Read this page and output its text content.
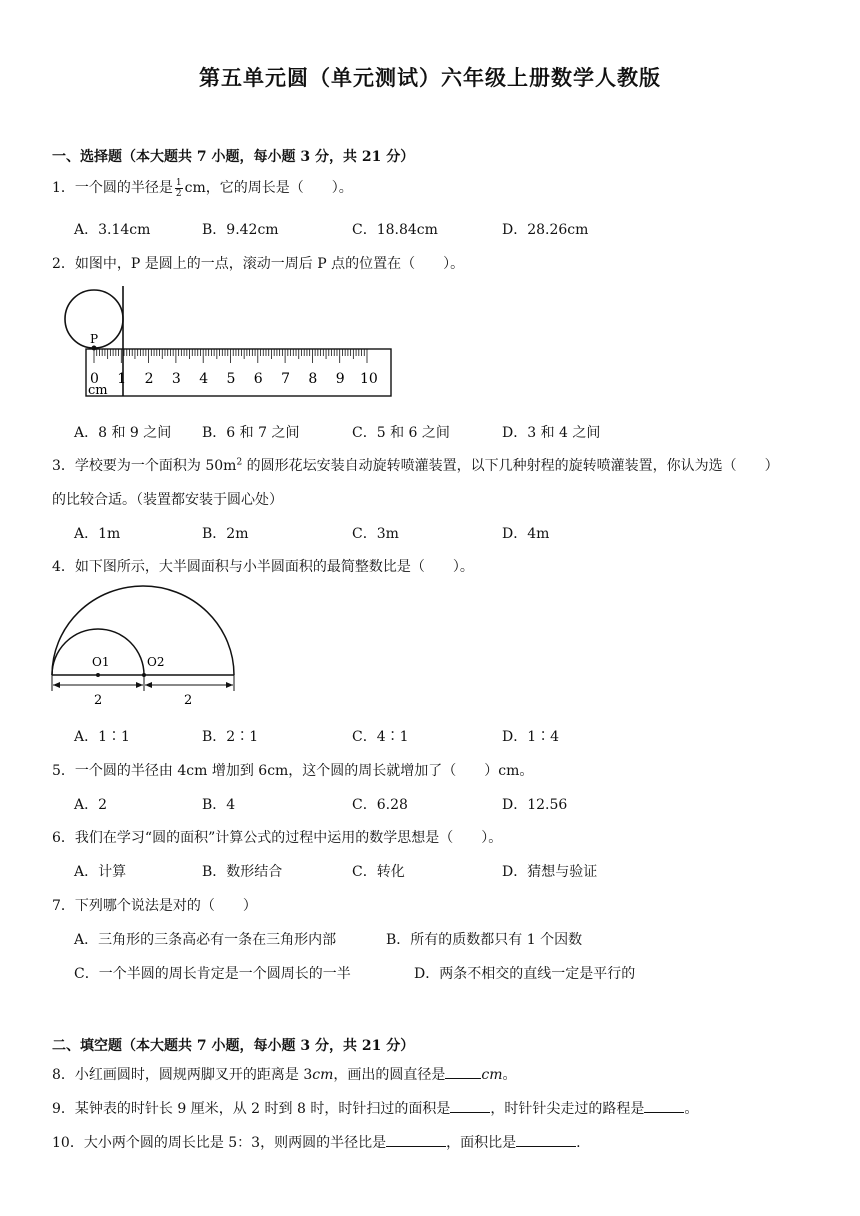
第五单元圆（单元测试）六年级上册数学人教版
一、选择题（本大题共 7 小题，每小题 3 分，共 21 分）
1．一个圆的半径是 $\frac{1}{2}$ cm，它的周长是（　　）。
A．3.14cm	B．9.42cm	C．18.84cm	D．28.26cm
2．如图中，P 是圆上的一点，滚动一周后 P 点的位置在（　　）。
P
0 1 2 3 4 5 6 7 8 9 10
cm
A．8 和 9 之间 B．6 和 7 之间	C．5 和 6 之间	D．3 和 4 之间
3．学校要为一个面积为 $50m^2$ 的圆形花坛安装自动旋转喷灌装置，以下几种射程的旋转喷灌装置，你认为选（　　）
的比较合适。（装置都安装于圆心处）
A．1m	B．2m	C．3m	D．4m
4．如下图所示，大半圆面积与小半圆面积的最简整数比是（　　）。
O1	O2
2	2
A．1∶1	B．2∶1	C．4∶1	D．1∶4
5．一个圆的半径由 4cm 增加到 6cm，这个圆的周长就增加了（　　）cm。
A．2	B．4	C．6.28	D．12.56
6．我们在学习“圆的面积”计算公式的过程中运用的数学思想是（　　）。
A．计算	B．数形结合	C．转化	D．猜想与验证
7．下列哪个说法是对的（　　）
A．三角形的三条高必有一条在三角形内部	B．所有的质数都只有 1 个因数
C．一个半圆的周长肯定是一个圆周长的一半	D．两条不相交的直线一定是平行的
二、填空题（本大题共 7 小题，每小题 3 分，共 21 分）
8．小红画圆时，圆规两脚叉开的距离是 3cm，画出的圆直径是	cm。
9．某钟表的时针长 9 厘米，从 2 时到 8 时，时针扫过的面积是	，时针针尖走过的路程是	。
10．大小两个圆的周长比是 5：3，则两圆的半径比是	，面积比是	.
